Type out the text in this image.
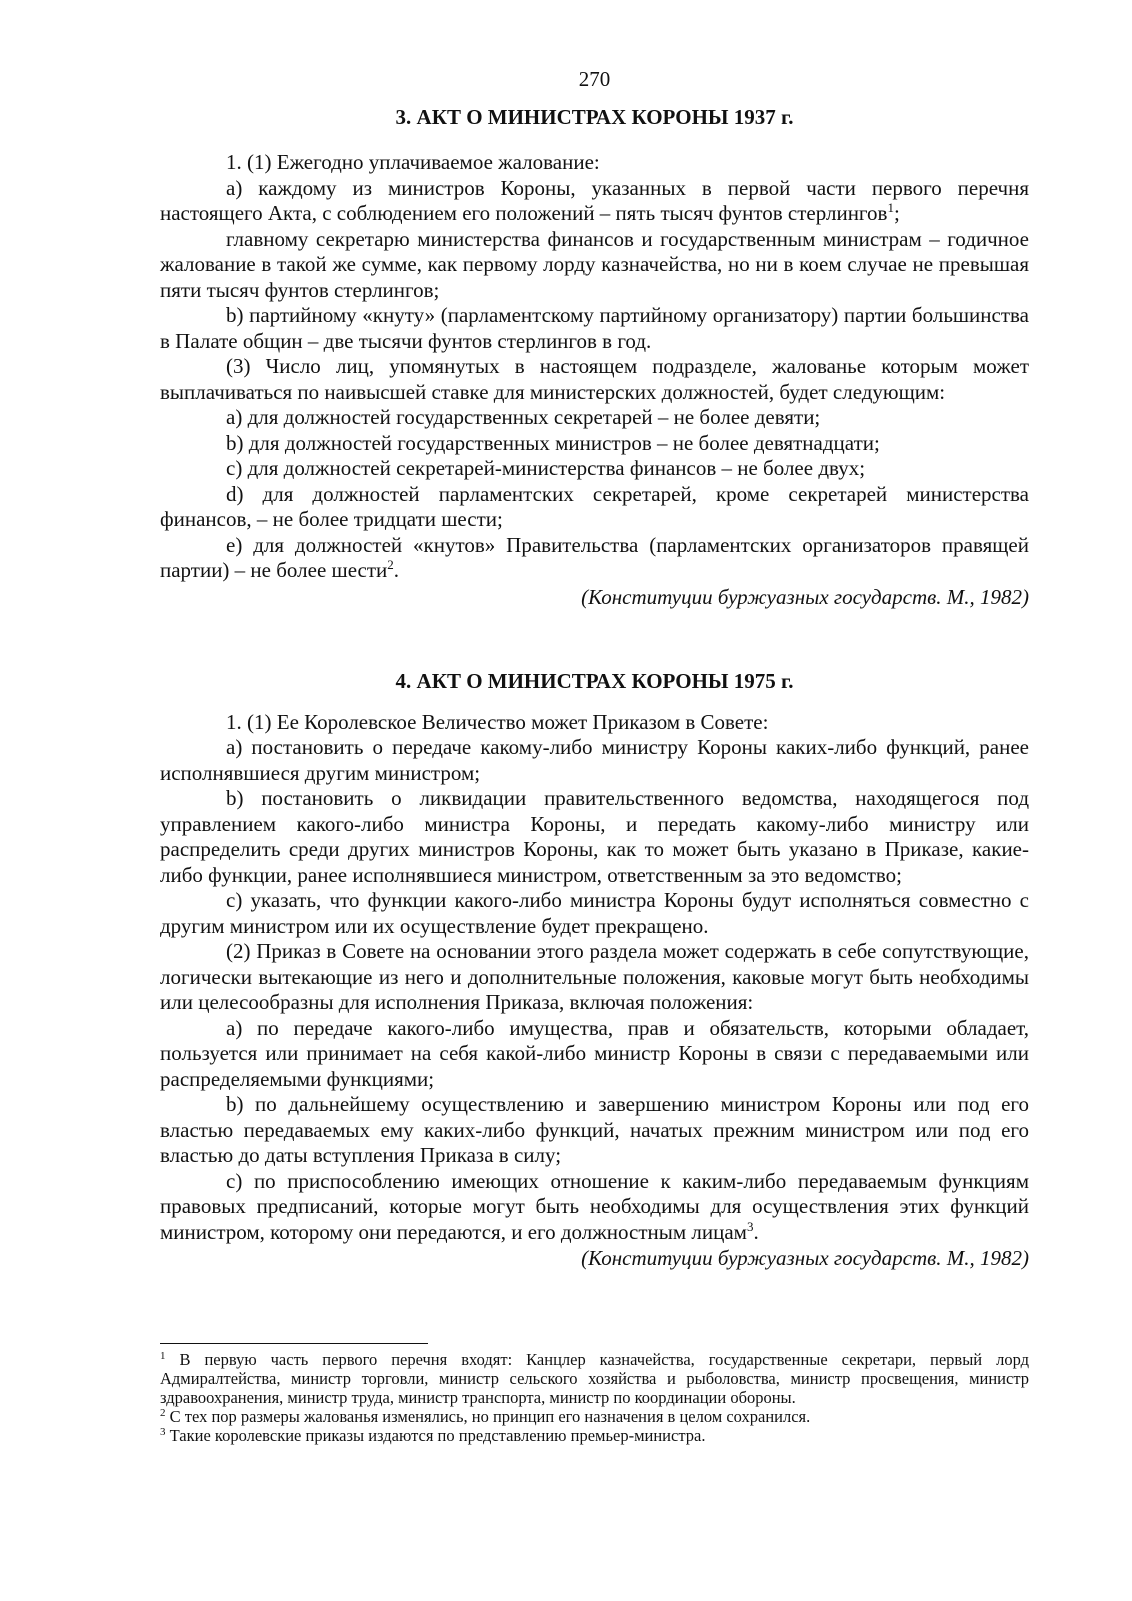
270

3. АКТ О МИНИСТРАХ КОРОНЫ 1937 г.

1. (1) Ежегодно уплачиваемое жалование:

а) каждому из министров Короны, указанных в первой части первого перечня настоящего Акта, с соблюдением его положений – пять тысяч фунтов стерлингов$^1$;

главному секретарю министерства финансов и государственным министрам – годичное жалование в такой же сумме, как первому лорду казначейства, но ни в коем случае не превышая пяти тысяч фунтов стерлингов;

b) партийному «кнуту» (парламентскому партийному организатору) партии большинства в Палате общин – две тысячи фунтов стерлингов в год.

(3) Число лиц, упомянутых в настоящем подразделе, жалованье которым может выплачиваться по наивысшей ставке для министерских должностей, будет следующим:

а) для должностей государственных секретарей – не более девяти;

b) для должностей государственных министров – не более девятнадцати;

c) для должностей секретарей-министерства финансов – не более двух;

d) для должностей парламентских секретарей, кроме секретарей министерства финансов, – не более тридцати шести;

e) для должностей «кнутов» Правительства (парламентских организаторов правящей партии) – не более шести$^2$.

(Конституции буржуазных государств. М., 1982)

4. АКТ О МИНИСТРАХ КОРОНЫ 1975 г.

1. (1) Ее Королевское Величество может Приказом в Совете:

а) постановить о передаче какому-либо министру Короны каких-либо функций, ранее исполнявшиеся другим министром;

b) постановить о ликвидации правительственного ведомства, находящегося под управлением какого-либо министра Короны, и передать какому-либо министру или распределить среди других министров Короны, как то может быть указано в Приказе, какие-либо функции, ранее исполнявшиеся министром, ответственным за это ведомство;

c) указать, что функции какого-либо министра Короны будут исполняться совместно с другим министром или их осуществление будет прекращено.

(2) Приказ в Совете на основании этого раздела может содержать в себе сопутствующие, логически вытекающие из него и дополнительные положения, каковые могут быть необходимы или целесообразны для исполнения Приказа, включая положения:

а) по передаче какого-либо имущества, прав и обязательств, которыми обладает, пользуется или принимает на себя какой-либо министр Короны в связи с передаваемыми или распределяемыми функциями;

b) по дальнейшему осуществлению и завершению министром Короны или под его властью передаваемых ему каких-либо функций, начатых прежним министром или под его властью до даты вступления Приказа в силу;

c) по приспособлению имеющих отношение к каким-либо передаваемым функциям правовых предписаний, которые могут быть необходимы для осуществления этих функций министром, которому они передаются, и его должностным лицам$^3$.

(Конституции буржуазных государств. М., 1982)

$^1$ В первую часть первого перечня входят: Канцлер казначейства, государственные секретари, первый лорд Адмиралтейства, министр торговли, министр сельского хозяйства и рыболовства, министр просвещения, министр здравоохранения, министр труда, министр транспорта, министр по координации обороны.

$^2$ С тех пор размеры жалованья изменялись, но принцип его назначения в целом сохранился.

$^3$ Такие королевские приказы издаются по представлению премьер-министра.
